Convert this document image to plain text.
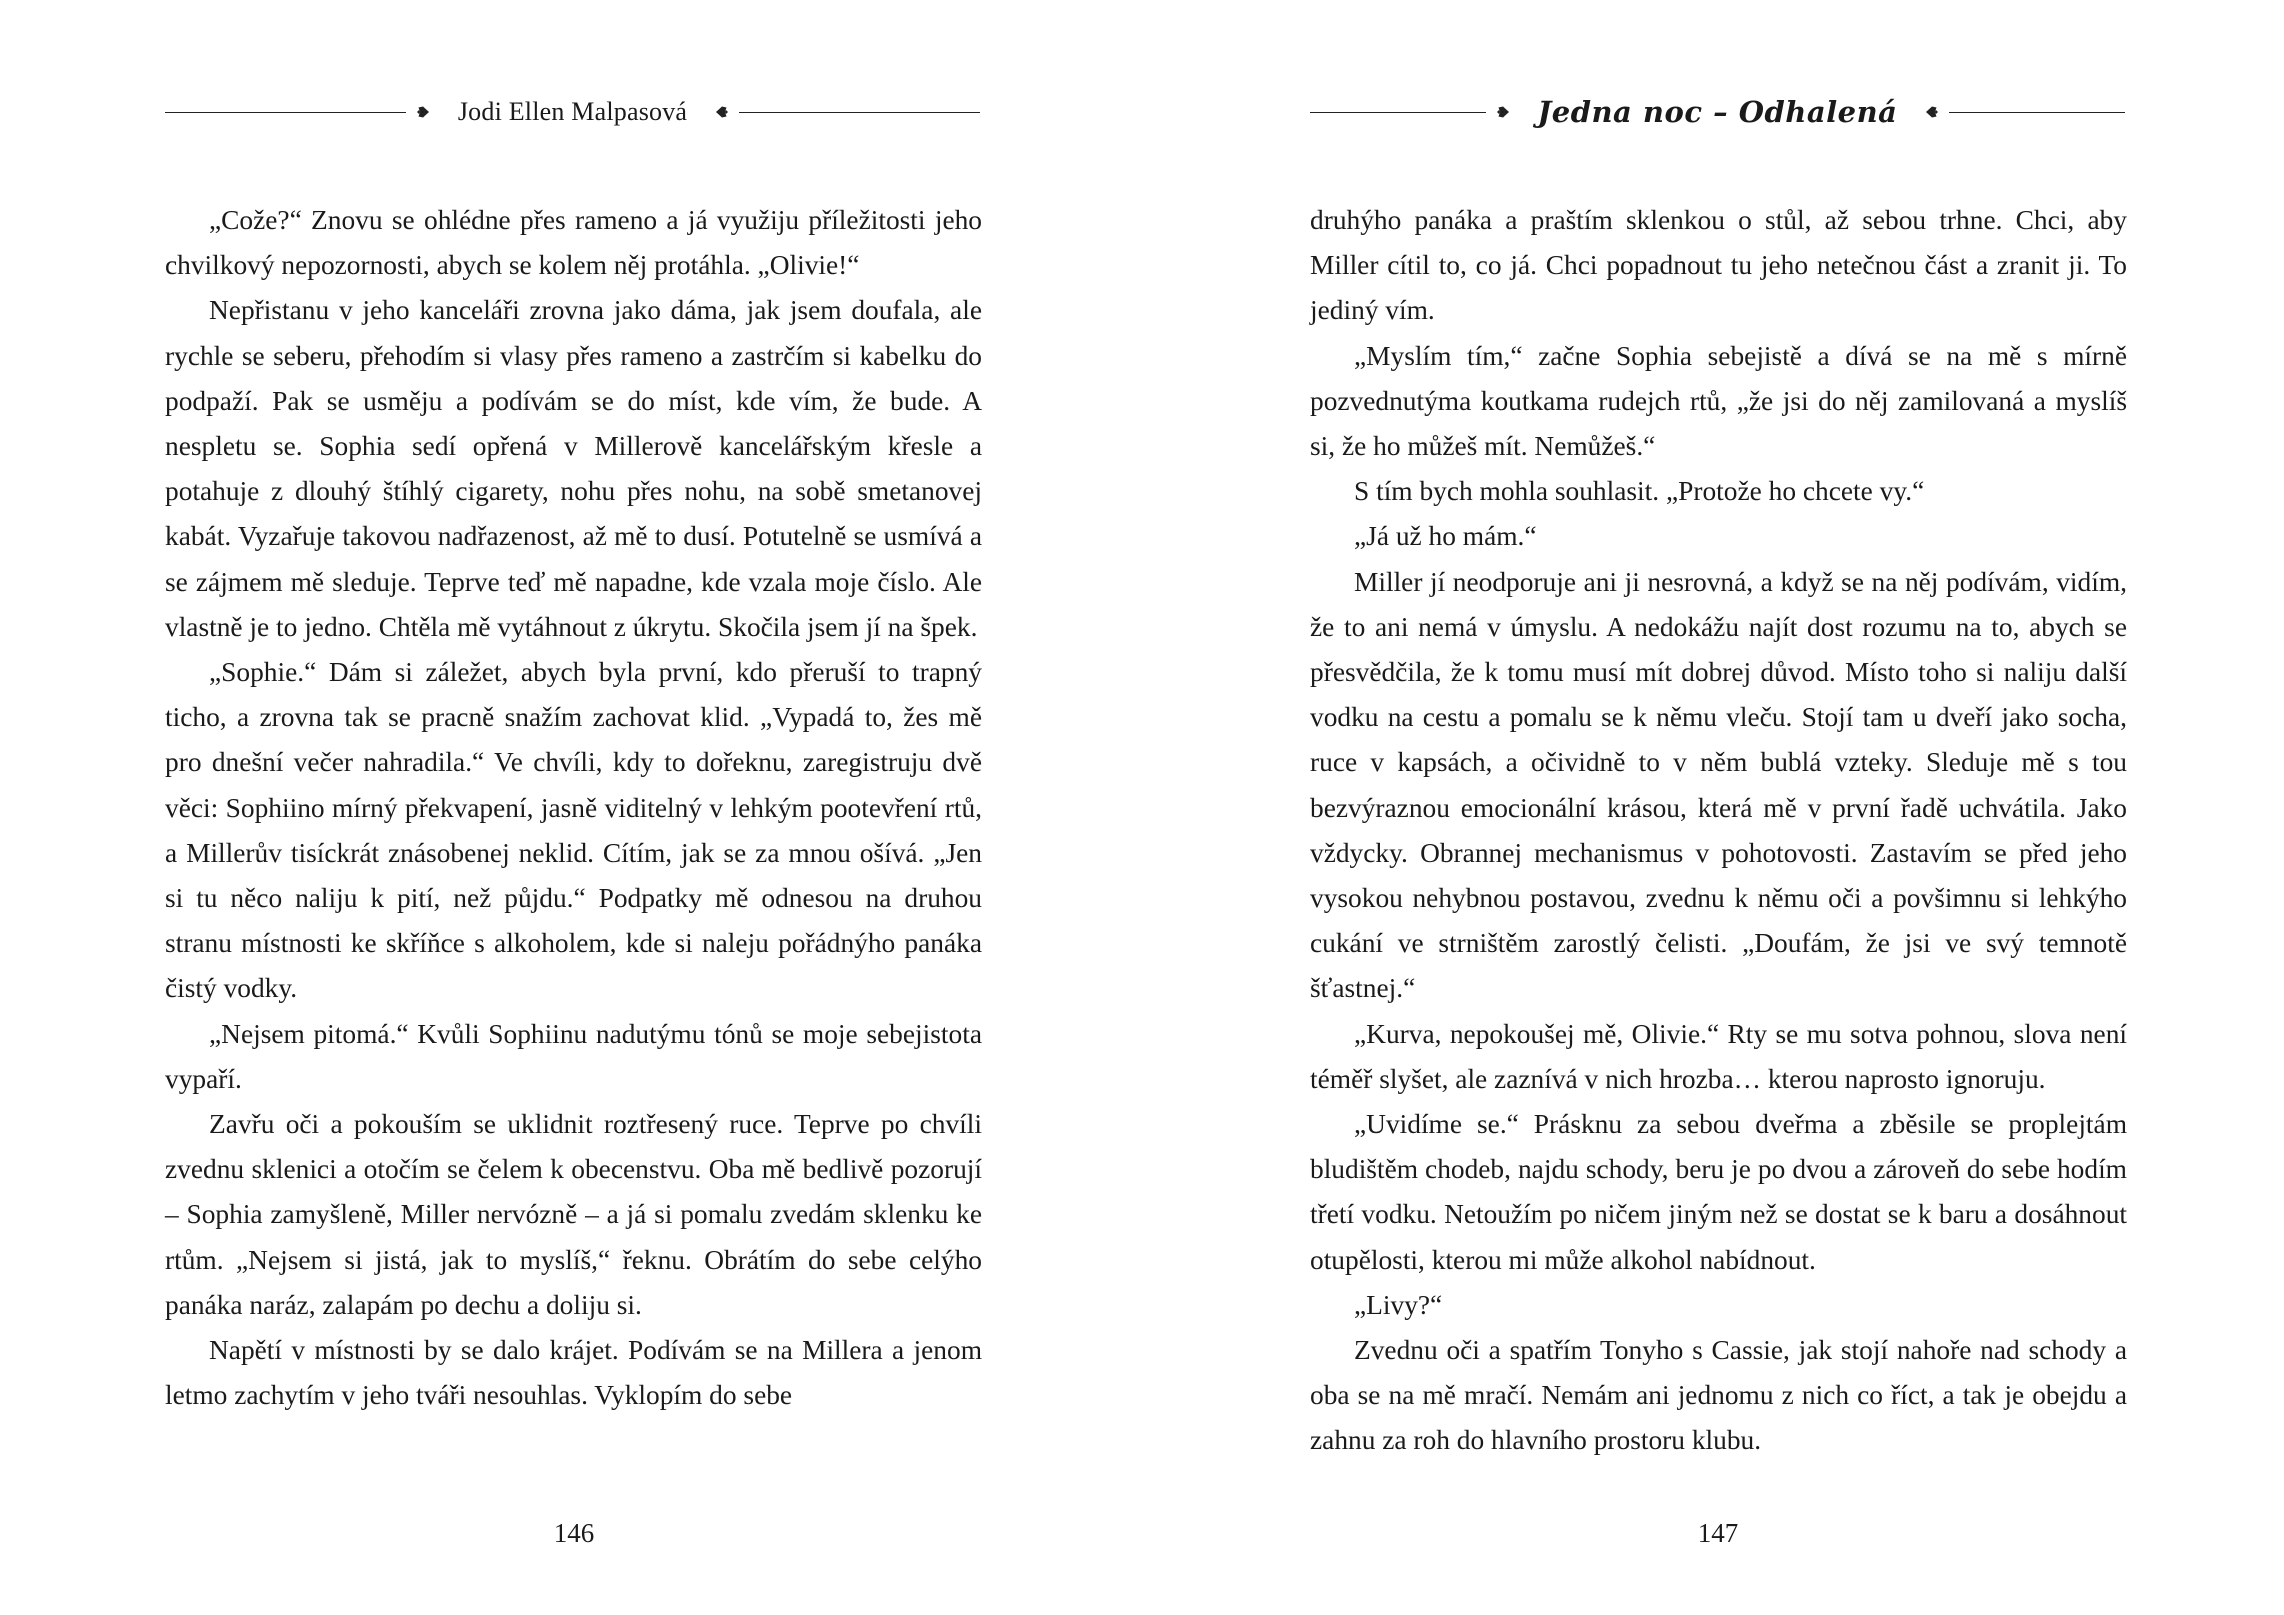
Jodi Ellen Malpasová

„Cože?“ Znovu se ohlédne přes rameno a já využiju příležitosti jeho chvilkový nepozornosti, abych se kolem něj protáhla. „Olivie!“

Nepřistanu v jeho kanceláři zrovna jako dáma, jak jsem doufala, ale rychle se seberu, přehodím si vlasy přes rameno a zastrčím si kabelku do podpaží. Pak se usměju a podívám se do míst, kde vím, že bude. A nespletu se. Sophia sedí opřená v Millerově kancelářským křesle a potahuje z dlouhý štíhlý cigarety, nohu přes nohu, na sobě smetanovej kabát. Vyzařuje takovou nadřazenost, až mě to dusí. Potutelně se usmívá a se zájmem mě sleduje. Teprve teď mě napadne, kde vzala moje číslo. Ale vlastně je to jedno. Chtěla mě vytáhnout z úkrytu. Skočila jsem jí na špek.

„Sophie.“ Dám si záležet, abych byla první, kdo přeruší to trapný ticho, a zrovna tak se pracně snažím zachovat klid. „Vypadá to, žes mě pro dnešní večer nahradila.“ Ve chvíli, kdy to dořeknu, zaregistruju dvě věci: Sophiino mírný překvapení, jasně viditelný v lehkým pootevření rtů, a Millerův tisíckrát znásobenej neklid. Cítím, jak se za mnou ošívá. „Jen si tu něco naliju k pití, než půjdu.“ Podpatky mě odnesou na druhou stranu místnosti ke skříňce s alkoholem, kde si naleju pořádnýho panáka čistý vodky.

„Nejsem pitomá.“ Kvůli Sophiinu nadutýmu tónů se moje sebejistota vypaří.

Zavřu oči a pokouším se uklidnit roztřesený ruce. Teprve po chvíli zvednu sklenici a otočím se čelem k obecenstvu. Oba mě bedlivě pozorují – Sophia zamyšleně, Miller nervózně – a já si pomalu zvedám sklenku ke rtům. „Nejsem si jistá, jak to myslíš,“ řeknu. Obrátím do sebe celýho panáka naráz, zalapám po dechu a doliju si.

Napětí v místnosti by se dalo krájet. Podívám se na Millera a jenom letmo zachytím v jeho tváři nesouhlas. Vyklopím do sebe

146
Jedna noc – Odhalená

druhýho panáka a praštím sklenkou o stůl, až sebou trhne. Chci, aby Miller cítil to, co já. Chci popadnout tu jeho netečnou část a zranit ji. To jediný vím.

„Myslím tím,“ začne Sophia sebejistě a dívá se na mě s mírně pozvednutýma koutkama rudejch rtů, „že jsi do něj zamilovaná a myslíš si, že ho můžeš mít. Nemůžeš.“

S tím bych mohla souhlasit. „Protože ho chcete vy.“

„Já už ho mám.“

Miller jí neodporuje ani ji nesrovná, a když se na něj podívám, vidím, že to ani nemá v úmyslu. A nedokážu najít dost rozumu na to, abych se přesvědčila, že k tomu musí mít dobrej důvod. Místo toho si naliju další vodku na cestu a pomalu se k němu vleču. Stojí tam u dveří jako socha, ruce v kapsách, a očividně to v něm bublá vzteky. Sleduje mě s tou bezvýraznou emocionální krásou, která mě v první řadě uchvátila. Jako vždycky. Obrannej mechanismus v pohotovosti. Zastavím se před jeho vysokou nehybnou postavou, zvednu k němu oči a povšimnu si lehkýho cukání ve strništěm zarostlý čelisti. „Doufám, že jsi ve svý temnotě šťastnej.“

„Kurva, nepokoušej mě, Olivie.“ Rty se mu sotva pohnou, slova není téměř slyšet, ale zaznívá v nich hrozba… kterou naprosto ignoruju.

„Uvidíme se.“ Prásknu za sebou dveřma a zběsile se proplejtám bludištěm chodeb, najdu schody, beru je po dvou a zároveň do sebe hodím třetí vodku. Netoužím po ničem jiným než se dostat se k baru a dosáhnout otupělosti, kterou mi může alkohol nabídnout.

„Livy?“

Zvednu oči a spatřím Tonyho s Cassie, jak stojí nahoře nad schody a oba se na mě mračí. Nemám ani jednomu z nich co říct, a tak je obejdu a zahnu za roh do hlavního prostoru klubu.

147
